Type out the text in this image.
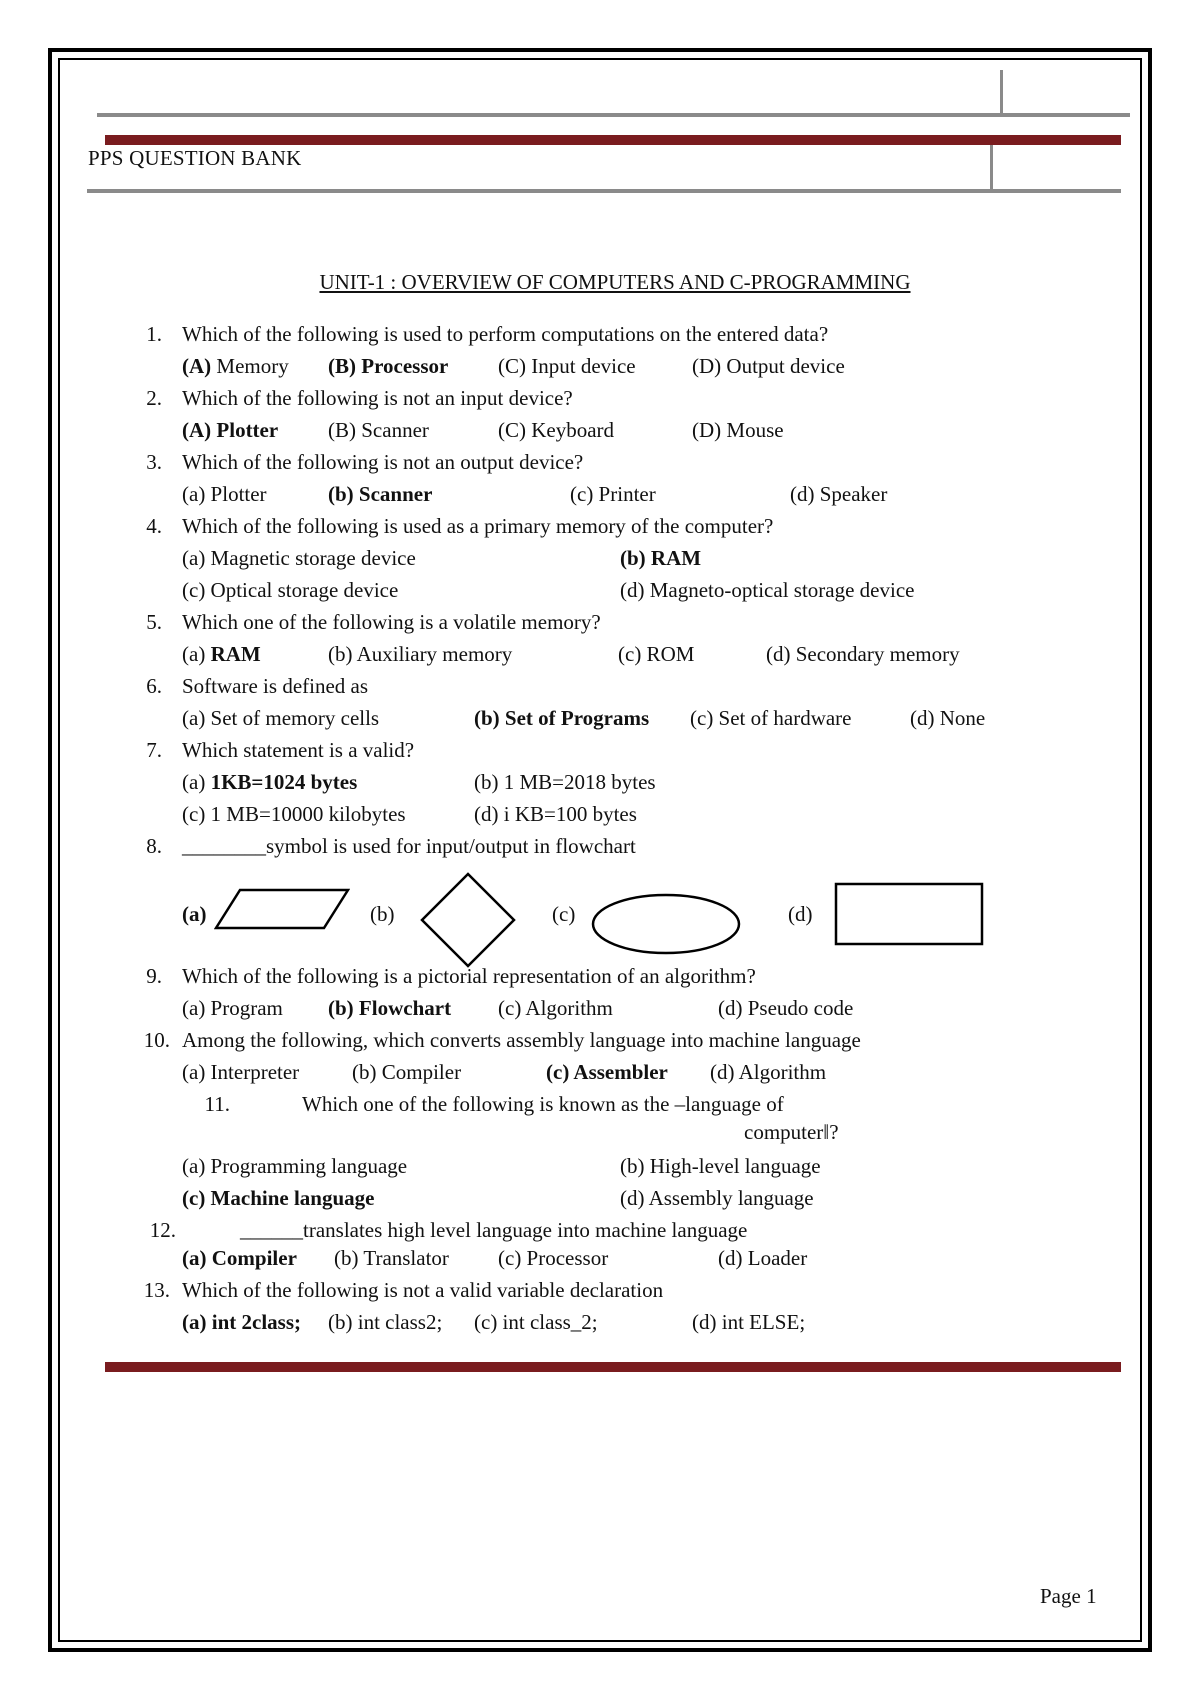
PPS QUESTION BANK
UNIT-1 : OVERVIEW OF COMPUTERS AND C-PROGRAMMING
1. Which of the following is used to perform computations on the entered data?
(A) Memory (B) Processor (C) Input device	(D) Output device
2. Which of the following is not an input device?
(A) Plotter (B) Scanner	(C) Keyboard	(D) Mouse
3. Which of the following is not an output device?
(a) Plotter	(b) Scanner	(c) Printer	(d) Speaker
4. Which of the following is used as a primary memory of the computer?
(a) Magnetic storage device	(b) RAM
(c) Optical storage device	(d) Magneto-optical storage device
5. Which one of the following is a volatile memory?
(a) RAM	(b) Auxiliary memory	(c) ROM	(d) Secondary memory
6. Software is defined as
(a) Set of memory cells	(b) Set of Programs (c) Set of hardware	(d) None
7. Which statement is a valid?
(a) 1KB=1024 bytes	(b) 1 MB=2018 bytes
(c) 1 MB=10000 kilobytes	(d) i KB=100 bytes
8. ________symbol is used for input/output in flowchart
(a)	(b)	(c)	(d)
9. Which of the following is a pictorial representation of an algorithm?
(a) Program (b) Flowchart (c) Algorithm	(d) Pseudo code
10. Among the following, which converts assembly language into machine language
(a) Interpreter	(b) Compiler	(c) Assembler (d) Algorithm
11.	Which one of the following is known as the –language of
computer‖?
(a) Programming language	(b) High-level language
(c) Machine language	(d) Assembly language
12.	______translates high level language into machine language
(a) Compiler (b) Translator (c) Processor	(d) Loader
13. Which of the following is not a valid variable declaration
(a) int 2class; (b) int class2; (c) int class_2;	(d) int ELSE;
Page 1
